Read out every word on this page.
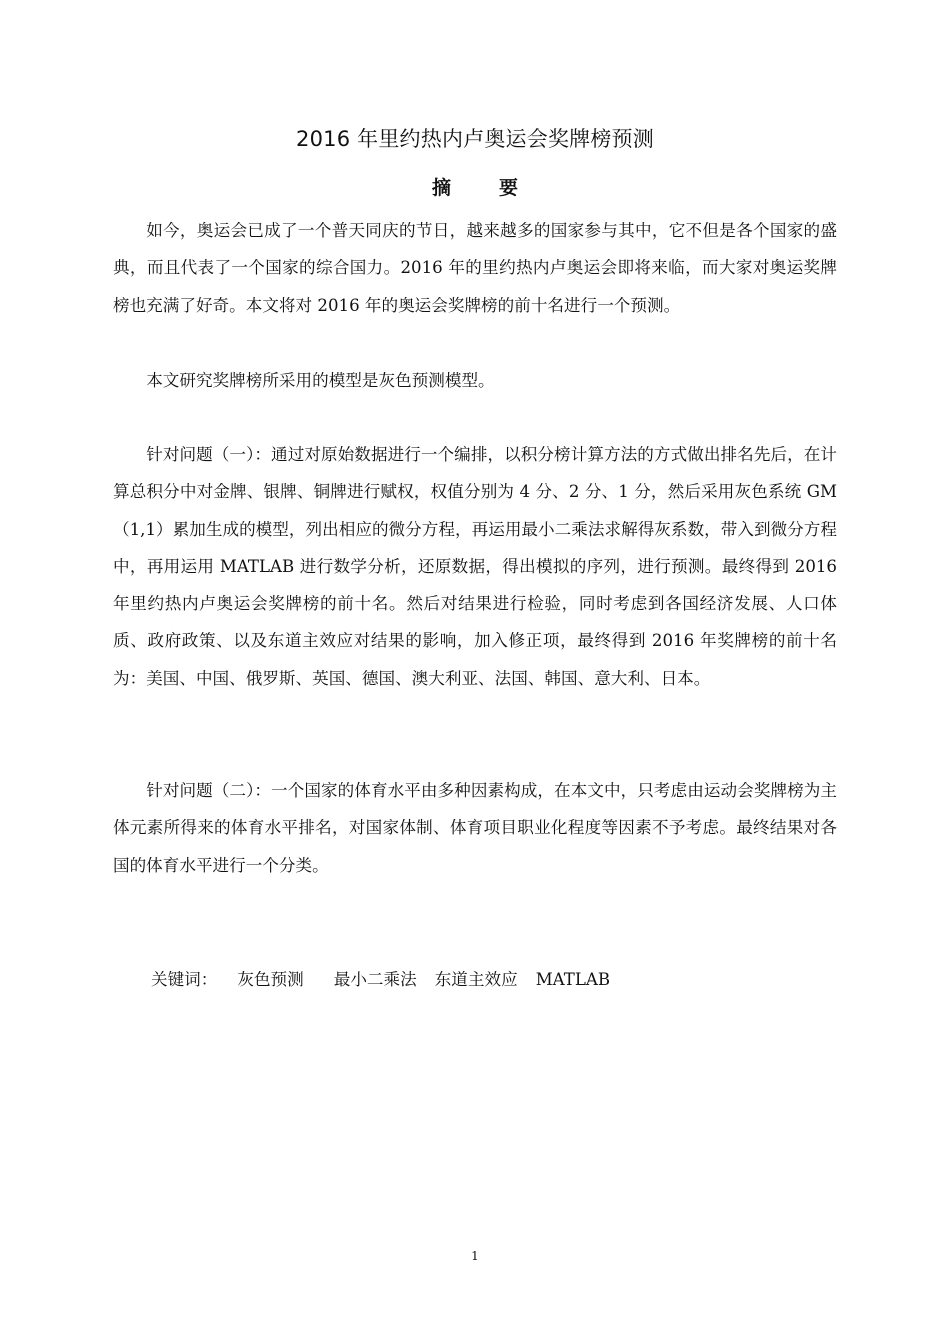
2016 年里约热内卢奥运会奖牌榜预测
摘	要

如今，奥运会已成了一个普天同庆的节日，越来越多的国家参与其中，它不但是各个国家的盛典，而且代表了一个国家的综合国力。2016 年的里约热内卢奥运会即将来临，而大家对奥运奖牌榜也充满了好奇。本文将对 2016 年的奥运会奖牌榜的前十名进行一个预测。

本文研究奖牌榜所采用的模型是灰色预测模型。

针对问题（一）：通过对原始数据进行一个编排，以积分榜计算方法的方式做出排名先后，在计算总积分中对金牌、银牌、铜牌进行赋权，权值分别为 4 分、2 分、1 分，然后采用灰色系统 GM（1,1）累加生成的模型，列出相应的微分方程，再运用最小二乘法求解得灰系数，带入到微分方程中，再用运用 MATLAB 进行数学分析，还原数据，得出模拟的序列，进行预测。最终得到 2016 年里约热内卢奥运会奖牌榜的前十名。然后对结果进行检验，同时考虑到各国经济发展、人口体质、政府政策、以及东道主效应对结果的影响，加入修正项，最终得到 2016 年奖牌榜的前十名为：美国、中国、俄罗斯、英国、德国、澳大利亚、法国、韩国、意大利、日本。

针对问题（二）：一个国家的体育水平由多种因素构成，在本文中，只考虑由运动会奖牌榜为主体元素所得来的体育水平排名，对国家体制、体育项目职业化程度等因素不予考虑。最终结果对各国的体育水平进行一个分类。

关键词： 灰色预测 最小二乘法 东道主效应 MATLAB
1
